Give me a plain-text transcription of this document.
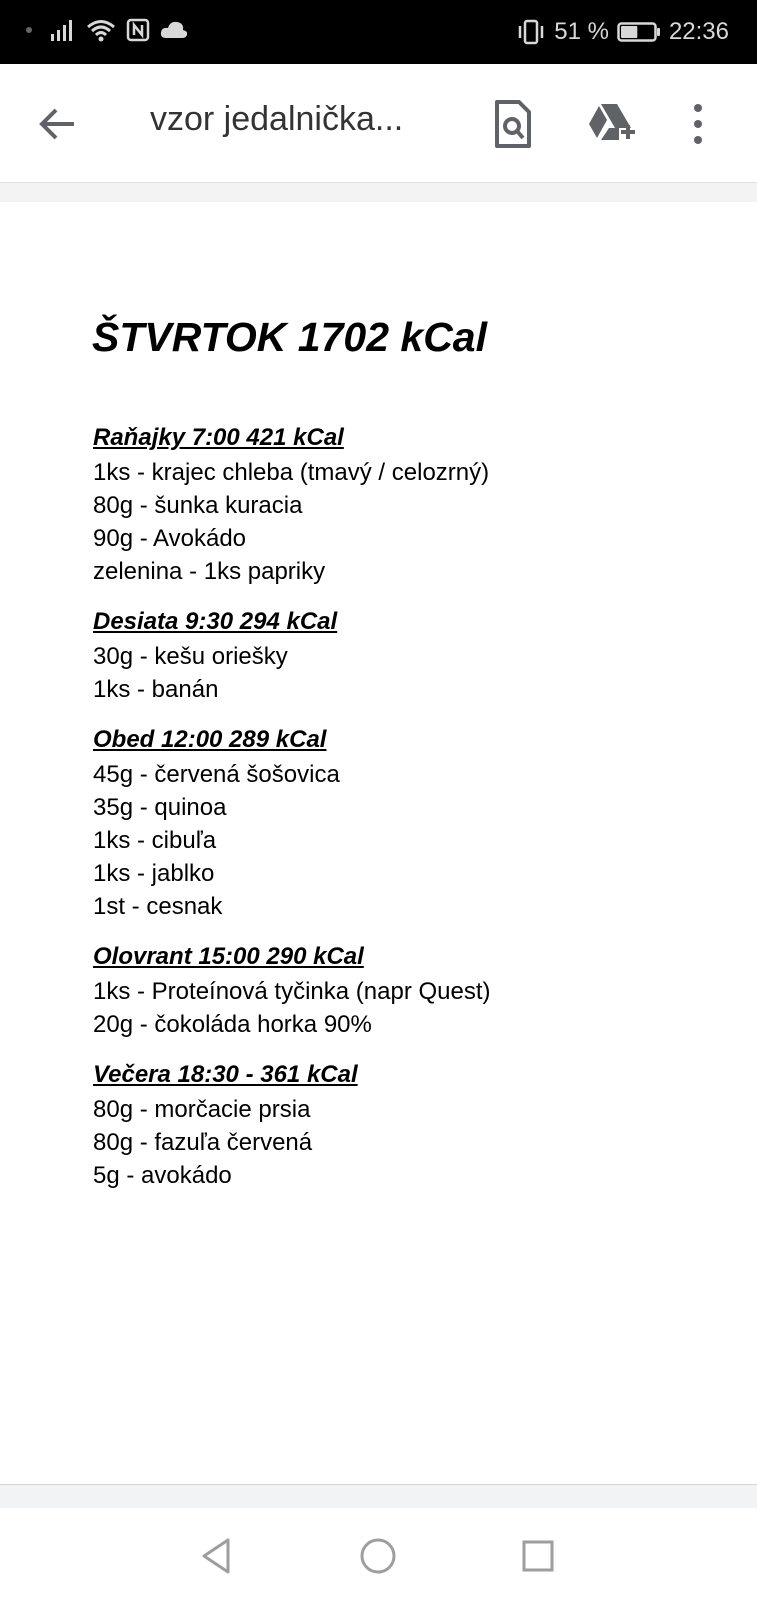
51 %	22:36
vzor jedalnička...
ŠTVRTOK 1702 kCal
Raňajky 7:00 421 kCal
1ks - krajec chleba (tmavý / celozrný)
80g - šunka kuracia
90g - Avokádo
zelenina - 1ks papriky
Desiata 9:30 294 kCal
30g - kešu oriešky
1ks - banán
Obed 12:00 289 kCal
45g - červená šošovica
35g - quinoa
1ks - cibuľa
1ks - jablko
1st - cesnak
Olovrant 15:00 290 kCal
1ks - Proteínová tyčinka (napr Quest)
20g - čokoláda horka 90%
Večera 18:30 - 361 kCal
80g - morčacie prsia
80g - fazuľa červená
5g - avokádo
